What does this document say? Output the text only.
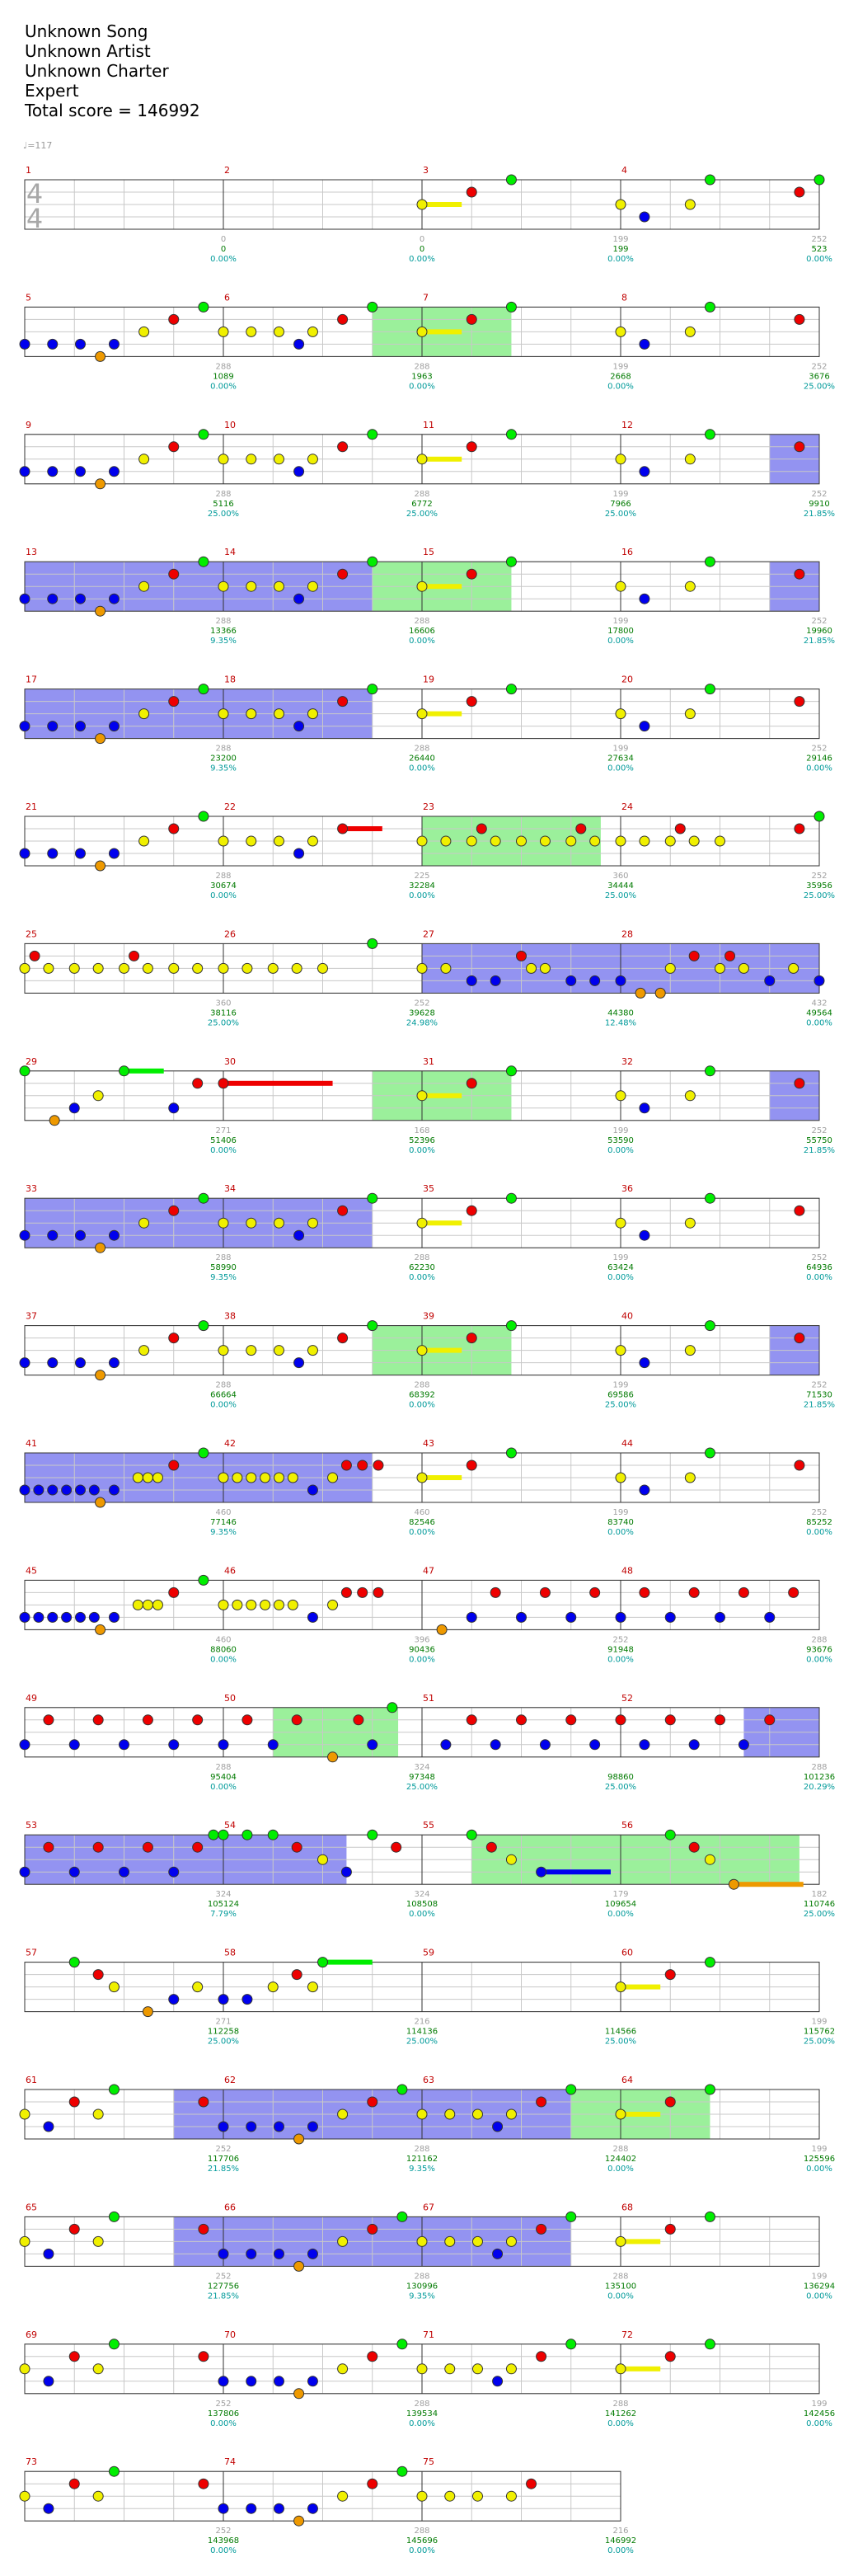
Unknown Song
Unknown Artist
Unknown Charter
Expert
Total score = 146992
♩=117
4
4
1
0
0.00%
2
0
0
0.00%
3
0
199
0.00%
4
199
523
0.00%
252
5
1089
0.00%
6
288
1963
0.00%
7
288
2668
0.00%
8
199
3676
25.00%
252
9
5116
25.00%
10
288
6772
25.00%
11
288
7966
25.00%
12
199
9910
21.85%
252
13
13366
9.35%
14
288
16606
0.00%
15
288
17800
0.00%
16
199
19960
21.85%
252
17
23200
9.35%
18
288
26440
0.00%
19
288
27634
0.00%
20
199
29146
0.00%
252
21
30674
0.00%
22
288
32284
0.00%
23
225
34444
25.00%
24
360
35956
25.00%
252
25
38116
25.00%
26
360
39628
24.98%
27
252
44380
12.48%
28
49564
0.00%
432
29
51406
0.00%
30
271
52396
0.00%
31
168
53590
0.00%
32
199
55750
21.85%
252
33
58990
9.35%
34
288
62230
0.00%
35
288
63424
0.00%
36
199
64936
0.00%
252
37
66664
0.00%
38
288
68392
0.00%
39
288
69586
25.00%
40
199
71530
21.85%
252
41
77146
9.35%
42
460
82546
0.00%
43
460
83740
0.00%
44
199
85252
0.00%
252
45
88060
0.00%
46
460
90436
0.00%
47
396
91948
0.00%
48
252
93676
0.00%
288
49
95404
0.00%
50
288
97348
25.00%
51
324
98860
25.00%
52
101236
20.29%
288
53
105124
7.79%
54
324
108508
0.00%
55
324
109654
0.00%
56
179
110746
25.00%
182
57
112258
25.00%
58
271
114136
25.00%
59
216
114566
25.00%
60
115762
25.00%
199
61
117706
21.85%
62
252
121162
9.35%
63
288
124402
0.00%
64
288
125596
0.00%
199
65
127756
21.85%
66
252
130996
9.35%
67
288
135100
0.00%
68
288
136294
0.00%
199
69
137806
0.00%
70
252
139534
0.00%
71
288
141262
0.00%
72
288
142456
0.00%
199
73
143968
0.00%
74
252
145696
0.00%
75
288
146992
0.00%
216
